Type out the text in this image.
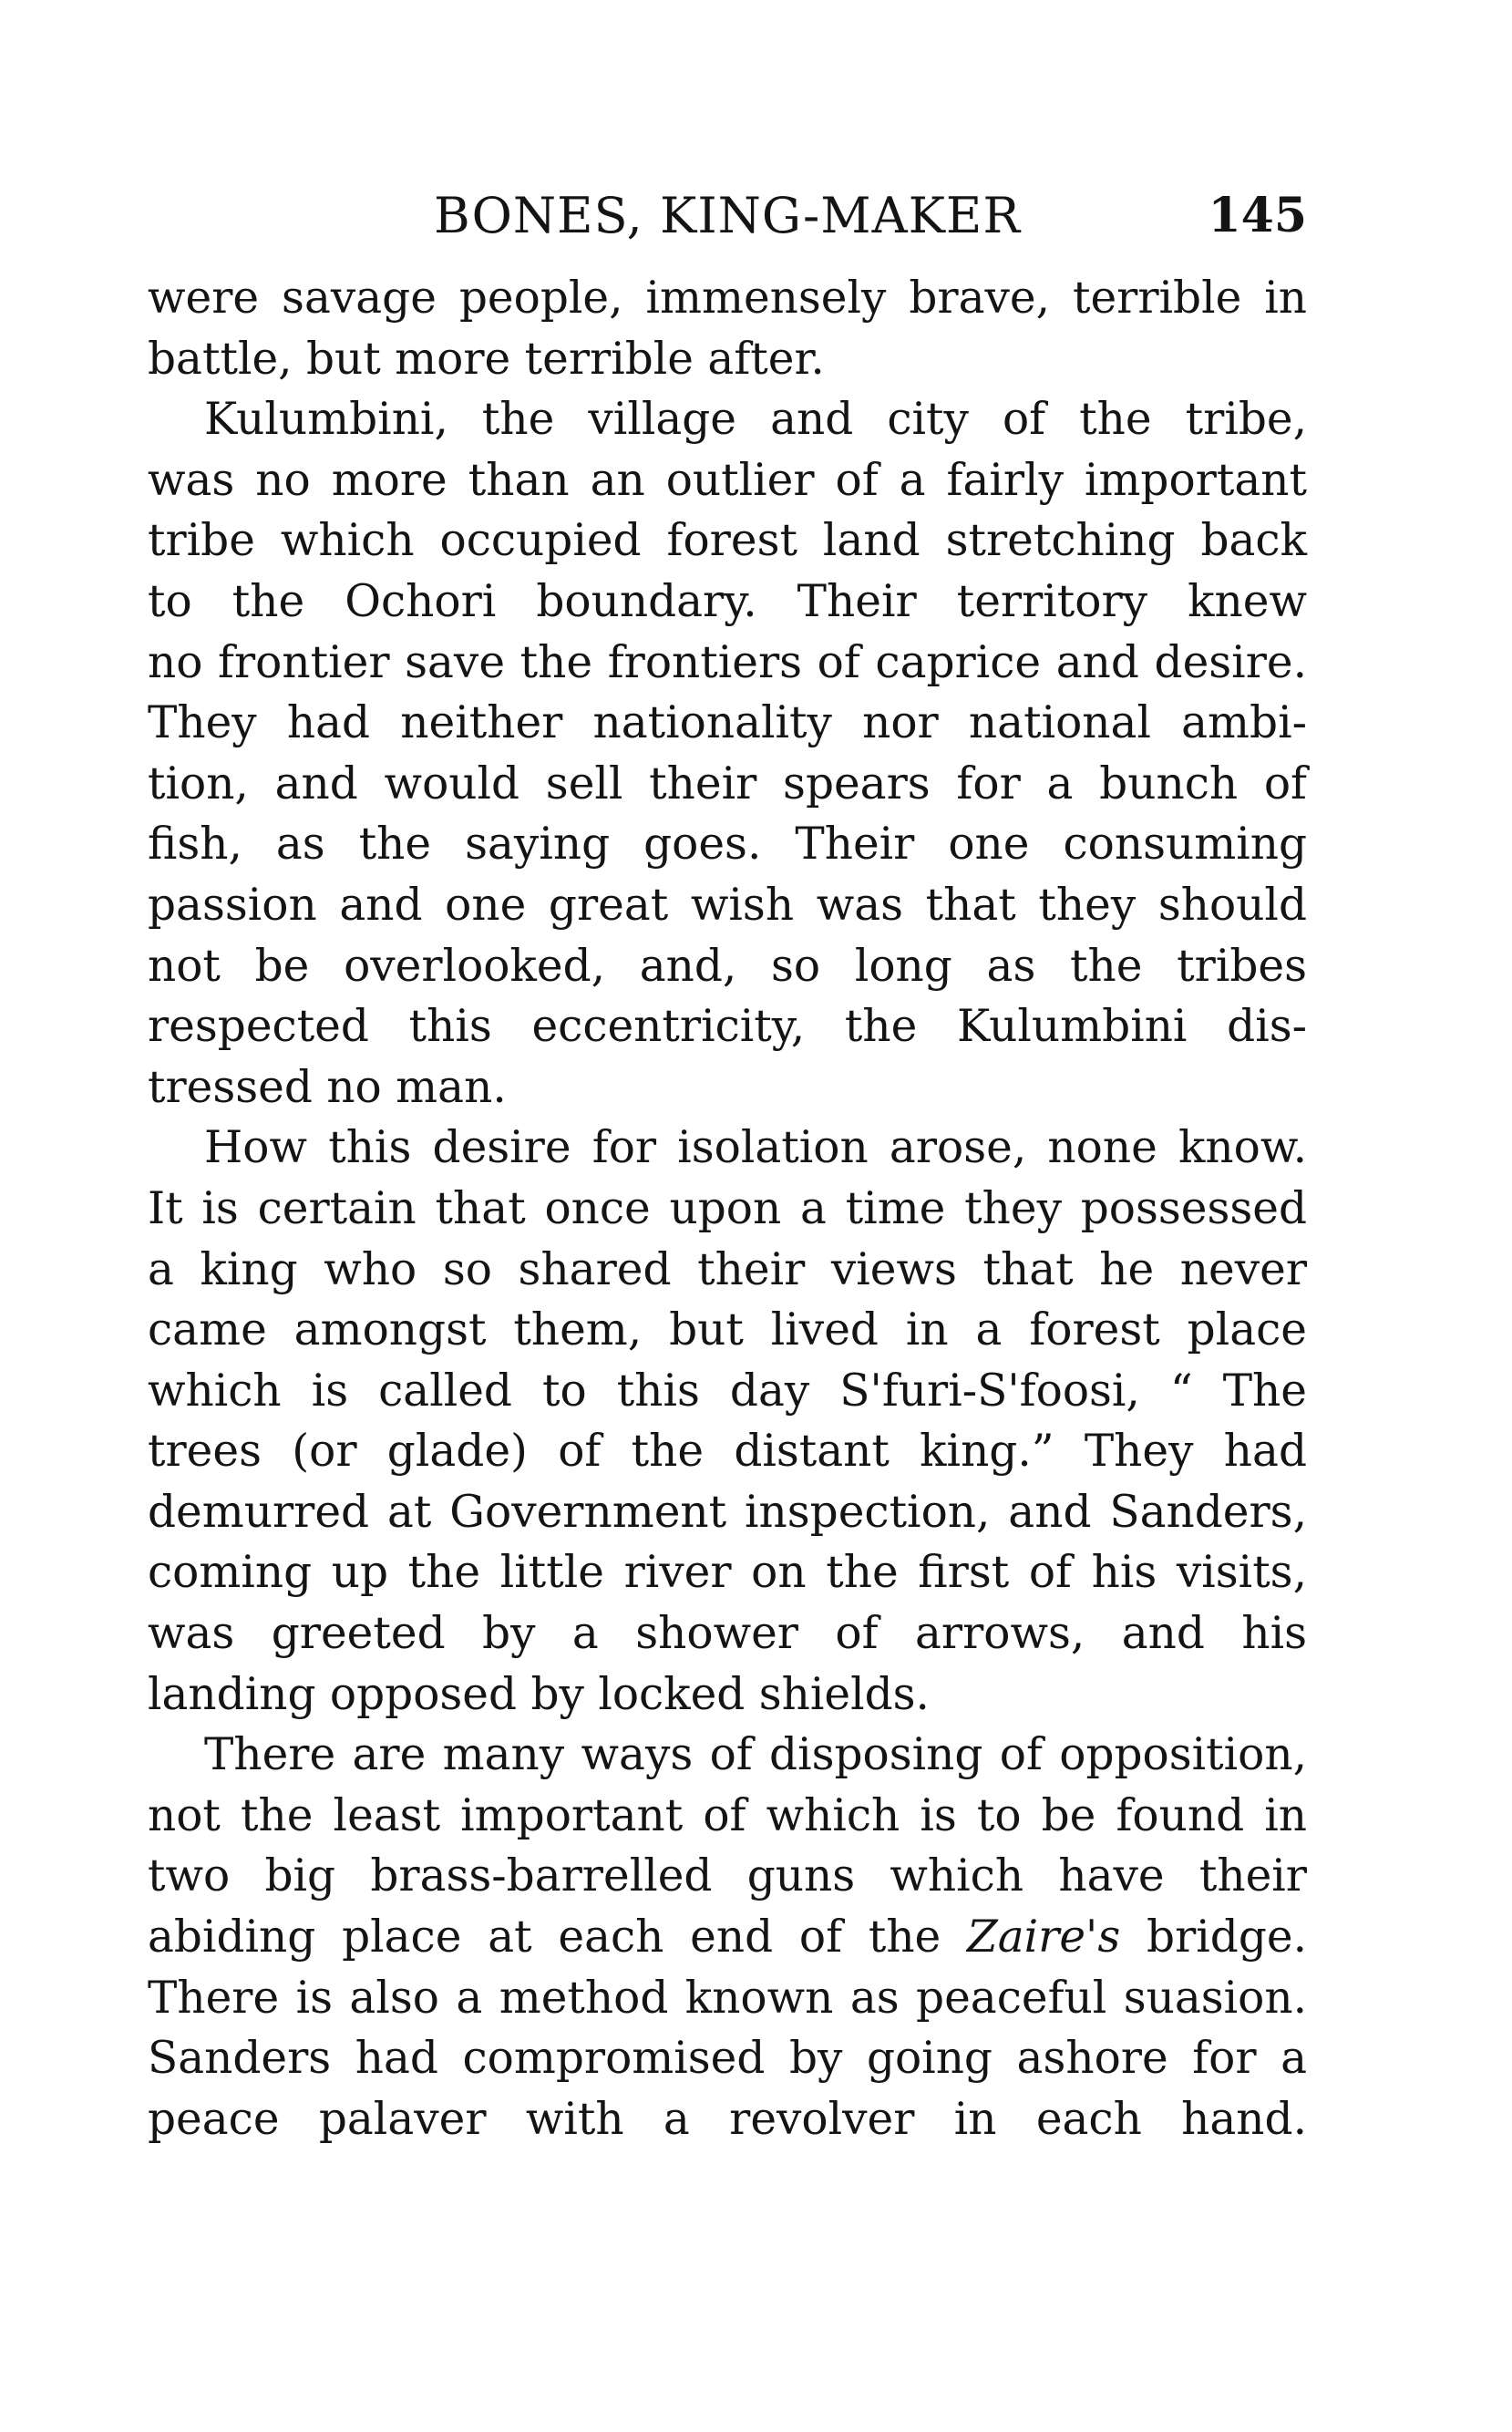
BONES, KING-MAKER	145

were savage people, immensely brave, terrible in
battle, but more terrible after.

Kulumbini, the village and city of the tribe,
was no more than an outlier of a fairly important
tribe which occupied forest land stretching back
to the Ochori boundary. Their territory knew
no frontier save the frontiers of caprice and desire.
They had neither nationality nor national ambi-
tion, and would sell their spears for a bunch of
fish, as the saying goes. Their one consuming
passion and one great wish was that they should
not be overlooked, and, so long as the tribes
respected this eccentricity, the Kulumbini dis-
tressed no man.

How this desire for isolation arose, none know.
It is certain that once upon a time they possessed
a king who so shared their views that he never
came amongst them, but lived in a forest place
which is called to this day S'furi-S'foosi, “ The
trees (or glade) of the distant king.” They had
demurred at Government inspection, and Sanders,
coming up the little river on the first of his visits,
was greeted by a shower of arrows, and his
landing opposed by locked shields.

There are many ways of disposing of opposition,
not the least important of which is to be found in
two big brass-barrelled guns which have their
abiding place at each end of the Zaire's bridge.
There is also a method known as peaceful suasion.
Sanders had compromised by going ashore for a
peace palaver with a revolver in each hand.
